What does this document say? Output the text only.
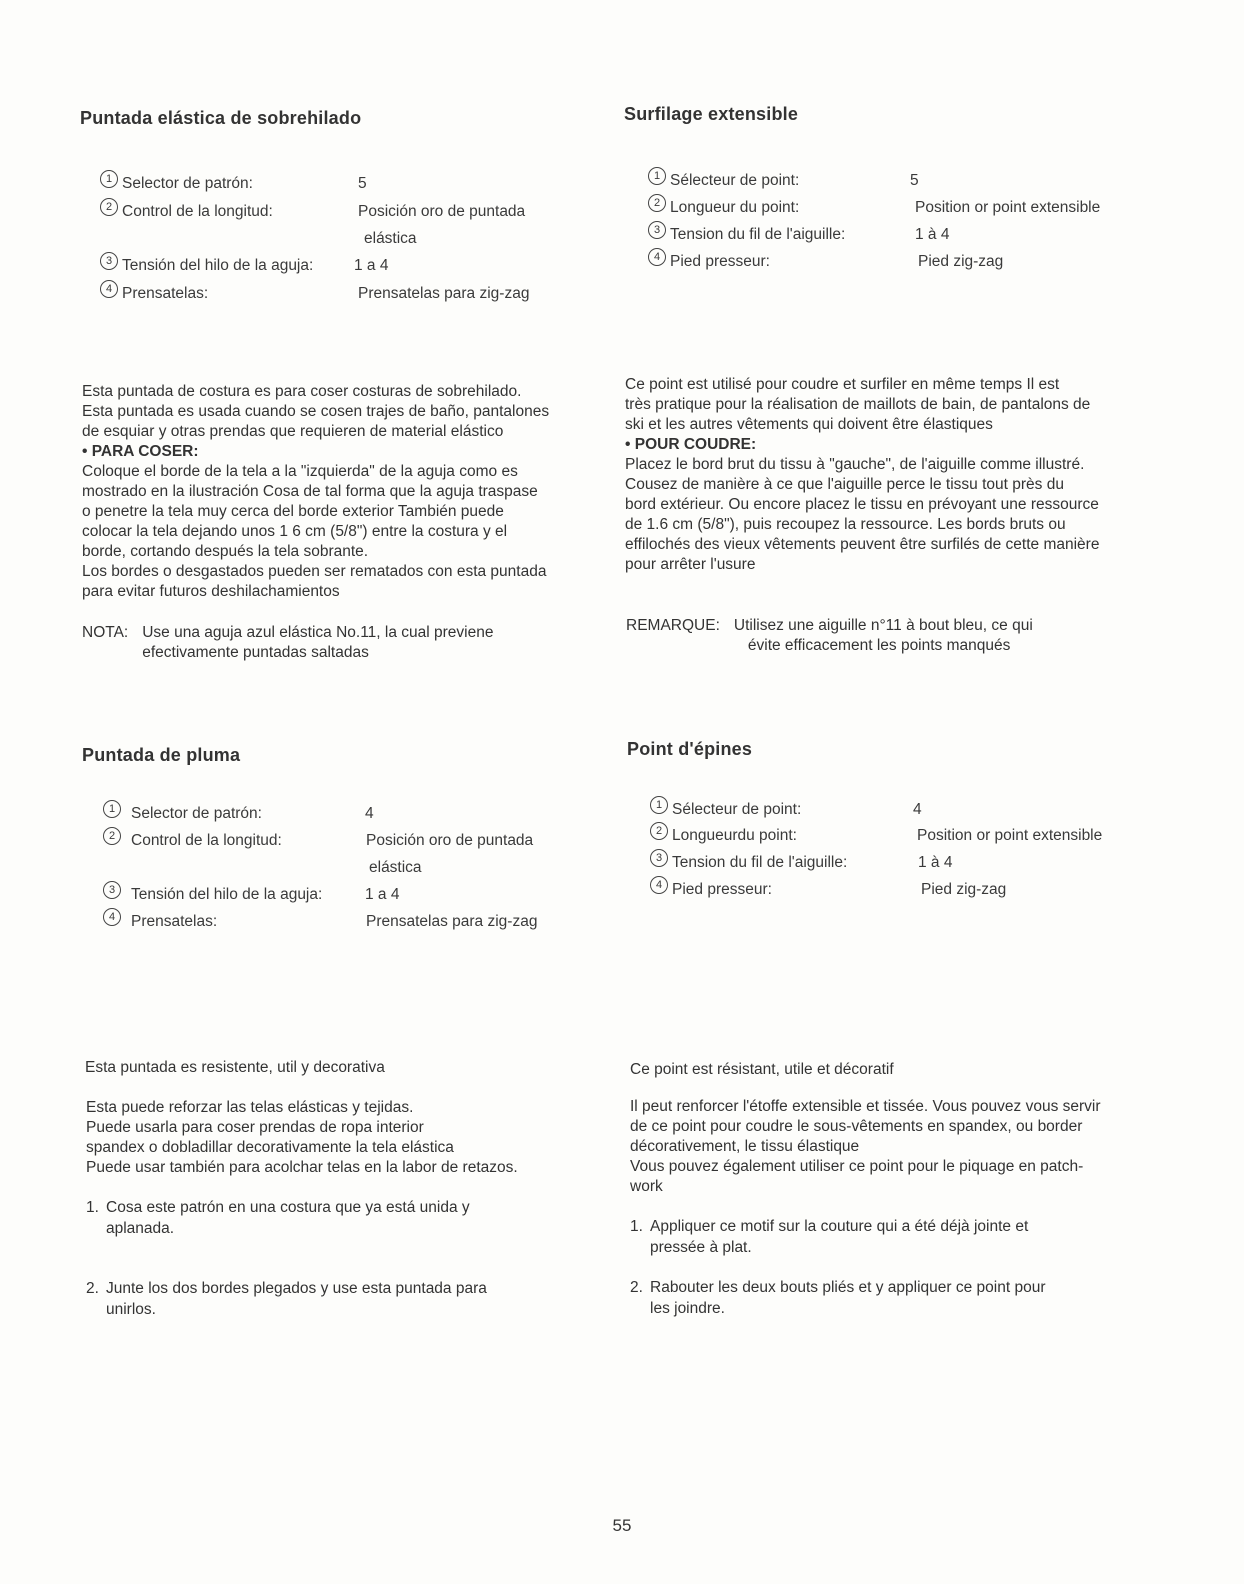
Puntada elástica de sobrehilado
1 Selector de patrón:	5
2 Control de la longitud:	Posición oro de puntada
elástica
3 Tensión del hilo de la aguja:	1 a 4
4 Prensatelas:	Prensatelas para zig-zag

Esta puntada de costura es para coser costuras de sobrehilado.

Esta puntada es usada cuando se cosen trajes de baño, pantalones

de esquiar y otras prendas que requieren de material elástico

• PARA COSER:

Coloque el borde de la tela a la "izquierda" de la aguja como es

mostrado en la ilustración Cosa de tal forma que la aguja traspase

o penetre la tela muy cerca del borde exterior También puede

colocar la tela dejando unos 1 6 cm (5/8") entre la costura y el

borde, cortando después la tela sobrante.

Los bordes o desgastados pueden ser rematados con esta puntada

para evitar futuros deshilachamientos

NOTA: Use una aguja azul elástica No.11, la cual previene

efectivamente puntadas saltadas

Surfilage extensible
1 Sélecteur de point:	5
2 Longueur du point:	Position or point extensible
3 Tension du fil de l'aiguille:	1 à 4
4 Pied presseur:	Pied zig-zag

Ce point est utilisé pour coudre et surfiler en même temps Il est

très pratique pour la réalisation de maillots de bain, de pantalons de

ski et les autres vêtements qui doivent être élastiques

• POUR COUDRE:

Placez le bord brut du tissu à "gauche", de l'aiguille comme illustré.

Cousez de manière à ce que l'aiguille perce le tissu tout près du

bord extérieur. Ou encore placez le tissu en prévoyant une ressource

de 1.6 cm (5/8"), puis recoupez la ressource. Les bords bruts ou

effilochés des vieux vêtements peuvent être surfilés de cette manière

pour arrêter l'usure

REMARQUE: Utilisez une aiguille n°11 à bout bleu, ce qui

évite efficacement les points manqués

Puntada de pluma
1	Selector de patrón:	4
2	Control de la longitud:	Posición oro de puntada
elástica
3	Tensión del hilo de la aguja:	1 a 4
4	Prensatelas:	Prensatelas para zig-zag

Esta puntada es resistente, util y decorativa

Esta puede reforzar las telas elásticas y tejidas.

Puede usarla para coser prendas de ropa interior

spandex o dobladillar decorativamente la tela elástica

Puede usar también para acolchar telas en la labor de retazos.

1. Cosa este patrón en una costura que ya está unida y
aplanada.
2. Junte los dos bordes plegados y use esta puntada para
unirlos.
Point d'épines
1 Sélecteur de point:	4
2 Longueurdu point:	Position or point extensible
3 Tension du fil de l'aiguille:	1 à 4
4 Pied presseur:	Pied zig-zag

Ce point est résistant, utile et décoratif

Il peut renforcer l'étoffe extensible et tissée. Vous pouvez vous servir

de ce point pour coudre le sous-vêtements en spandex, ou border

décorativement, le tissu élastique

Vous pouvez également utiliser ce point pour le piquage en patch-

work

1. Appliquer ce motif sur la couture qui a été déjà jointe et
pressée à plat.
2. Rabouter les deux bouts pliés et y appliquer ce point pour
les joindre.
55
